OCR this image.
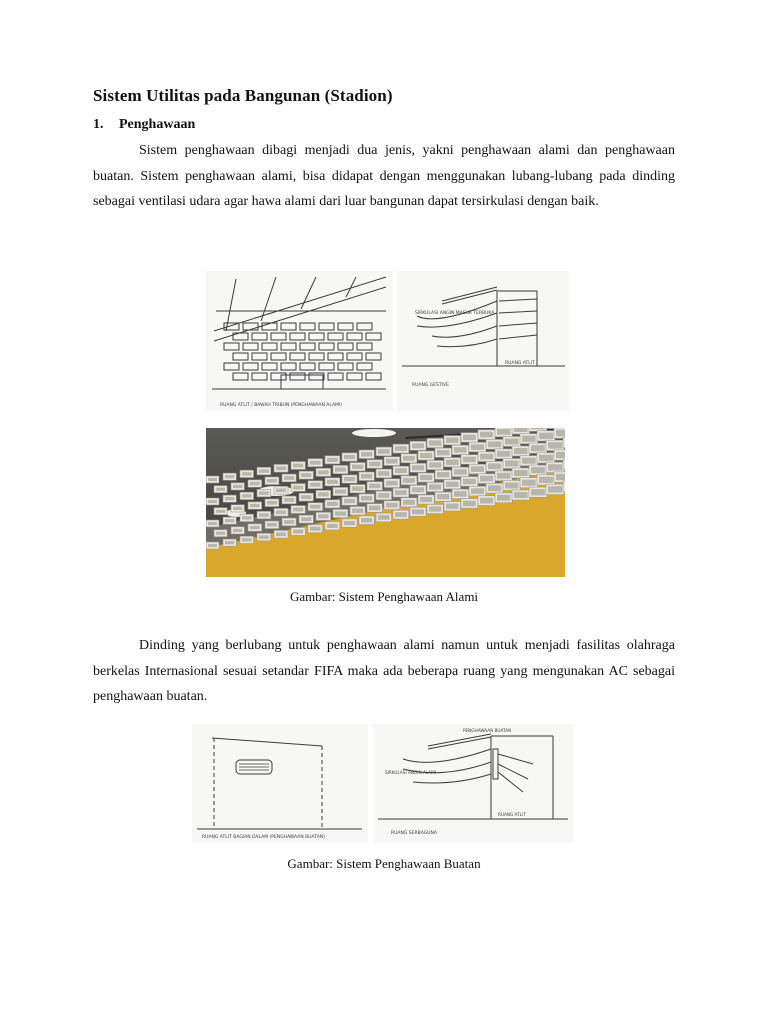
Sistem Utilitas pada Bangunan (Stadion)
1. Penghawaan

Sistem penghawaan dibagi menjadi dua jenis, yakni penghawaan alami dan penghawaan buatan. Sistem penghawaan alami, bisa didapat dengan menggunakan lubang-lubang pada dinding sebagai ventilasi udara agar hawa alami dari luar bangunan dapat tersirkulasi dengan baik.

RUANG ATLIT / BAWAH TRIBUN (PENGHAWAAN ALAMI)
SIRKULASI ANGIN MASUK TERBUKA
RUANG ATLIT
RUANG GESTIVE
Gambar: Sistem Penghawaan Alami

Dinding yang berlubang untuk penghawaan alami namun untuk menjadi fasilitas olahraga berkelas Internasional sesuai setandar FIFA maka ada beberapa ruang yang mengunakan AC sebagai penghawaan buatan.

RUANG ATLIT BAGIAN DALAM (PENGHAWAAN BUATAN)
PENGHAWAAN BUATAN
SIRKULASI ANGIN ALAMI
RUANG SERBAGUNA
RUANG ATLIT
Gambar: Sistem Penghawaan Buatan
